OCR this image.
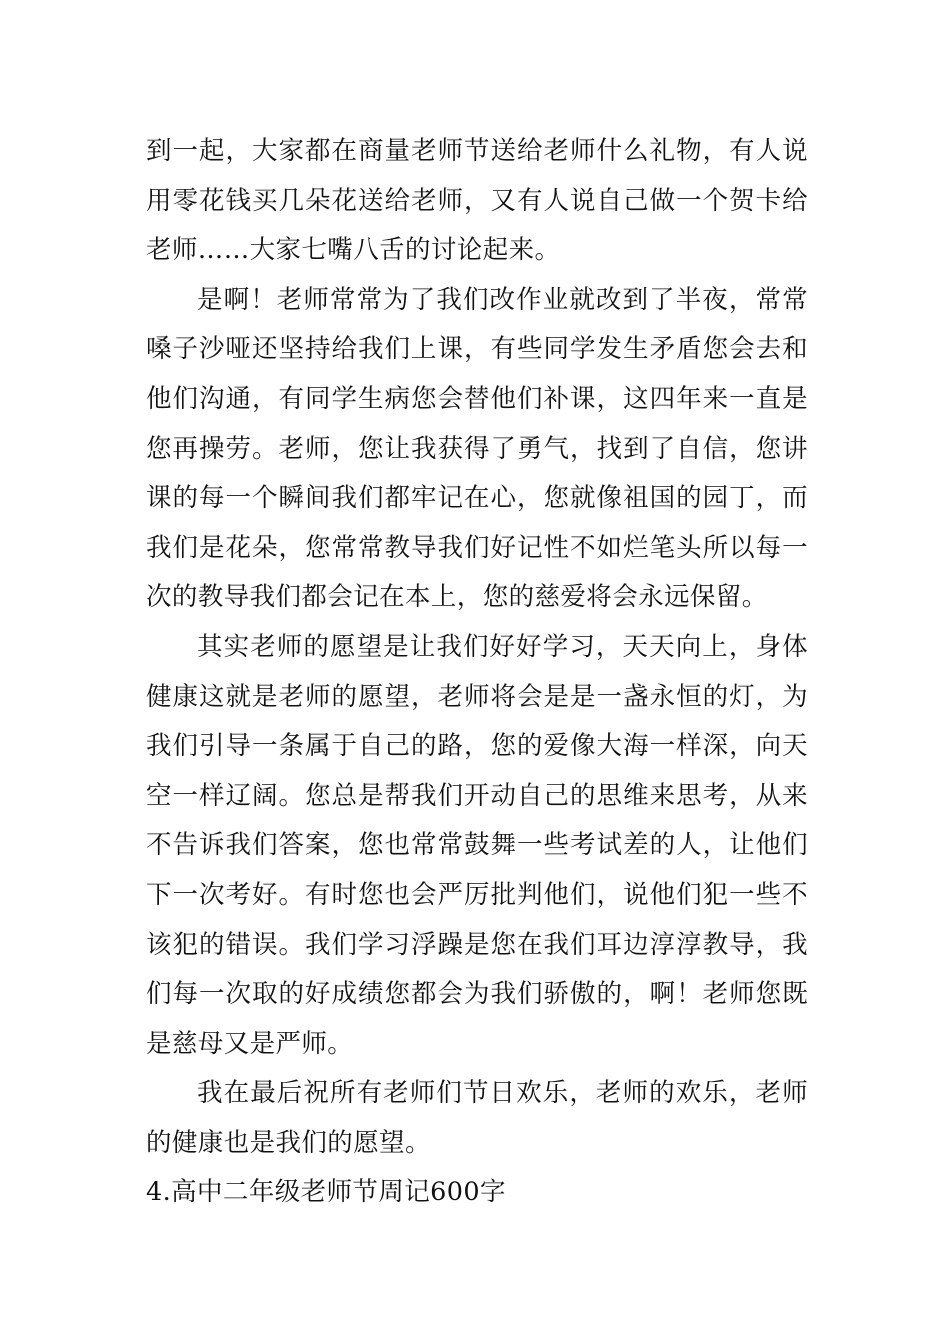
到一起，大家都在商量老师节送给老师什么礼物，有人说用零花钱买几朵花送给老师，又有人说自己做一个贺卡给老师……大家七嘴八舌的讨论起来。

是啊！老师常常为了我们改作业就改到了半夜，常常嗓子沙哑还坚持给我们上课，有些同学发生矛盾您会去和他们沟通，有同学生病您会替他们补课，这四年来一直是您再操劳。老师，您让我获得了勇气，找到了自信，您讲课的每一个瞬间我们都牢记在心，您就像祖国的园丁，而我们是花朵，您常常教导我们好记性不如烂笔头所以每一次的教导我们都会记在本上，您的慈爱将会永远保留。

其实老师的愿望是让我们好好学习，天天向上，身体健康这就是老师的愿望，老师将会是是一盏永恒的灯，为我们引导一条属于自己的路，您的爱像大海一样深，向天空一样辽阔。您总是帮我们开动自己的思维来思考，从来不告诉我们答案，您也常常鼓舞一些考试差的人，让他们下一次考好。有时您也会严厉批判他们，说他们犯一些不该犯的错误。我们学习浮躁是您在我们耳边淳淳教导，我们每一次取的好成绩您都会为我们骄傲的，啊！老师您既是慈母又是严师。

我在最后祝所有老师们节日欢乐，老师的欢乐，老师的健康也是我们的愿望。

4.高中二年级老师节周记600字
